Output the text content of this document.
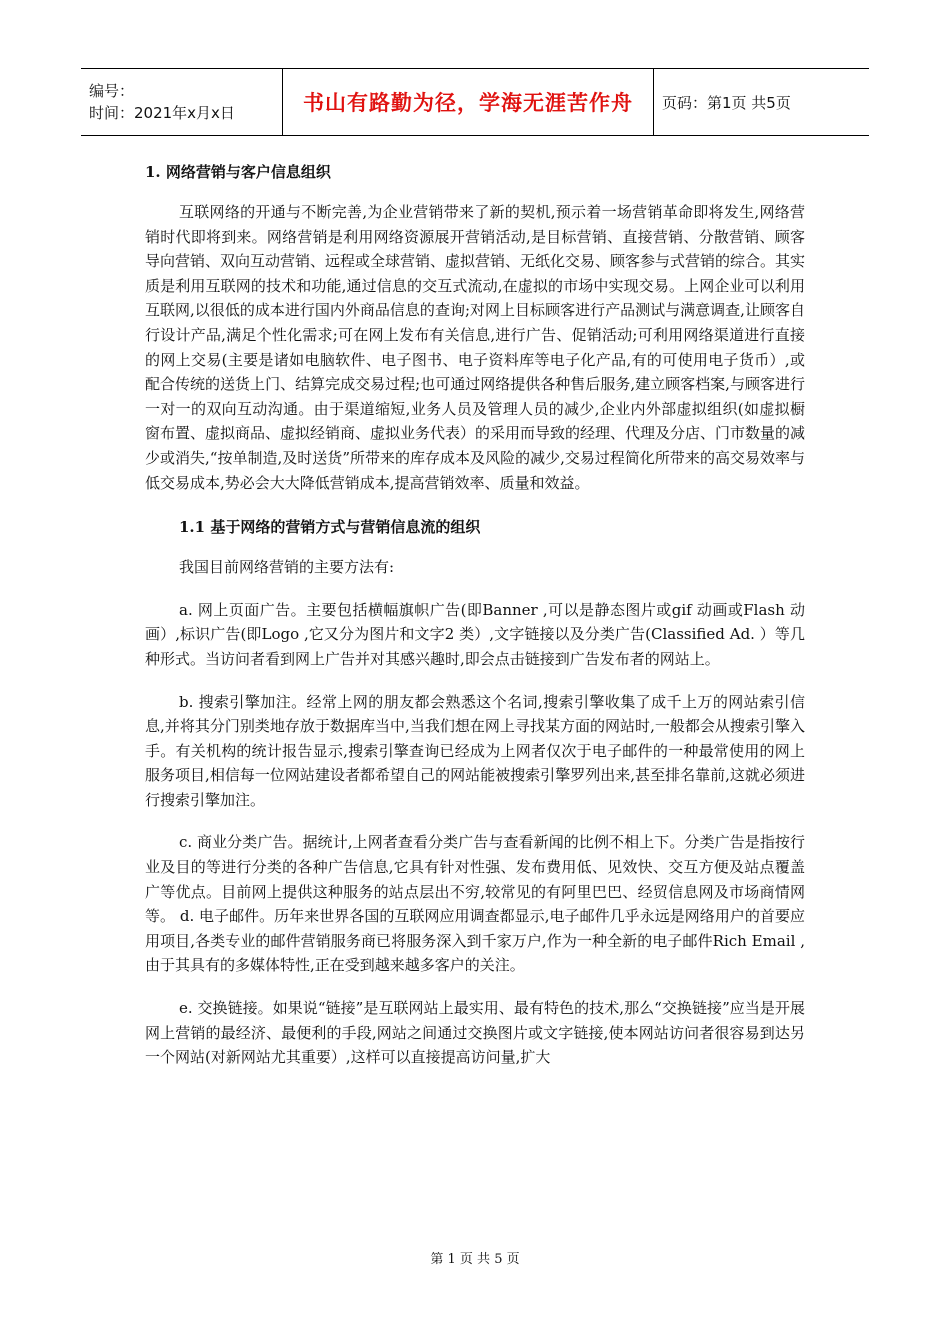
编号：
时间：2021年x月x日	书山有路勤为径，学海无涯苦作舟 页码：第1页 共5页
1. 网络营销与客户信息组织

互联网络的开通与不断完善,为企业营销带来了新的契机,预示着一场营销革命即将发生,网络营销时代即将到来。网络营销是利用网络资源展开营销活动,是目标营销、直接营销、分散营销、顾客导向营销、双向互动营销、远程或全球营销、虚拟营销、无纸化交易、顾客参与式营销的综合。其实质是利用互联网的技术和功能,通过信息的交互式流动,在虚拟的市场中实现交易。上网企业可以利用互联网,以很低的成本进行国内外商品信息的查询;对网上目标顾客进行产品测试与满意调查,让顾客自行设计产品,满足个性化需求;可在网上发布有关信息,进行广告、促销活动;可利用网络渠道进行直接的网上交易(主要是诸如电脑软件、电子图书、电子资料库等电子化产品,有的可使用电子货币）,或配合传统的送货上门、结算完成交易过程;也可通过网络提供各种售后服务,建立顾客档案,与顾客进行一对一的双向互动沟通。由于渠道缩短,业务人员及管理人员的减少,企业内外部虚拟组织(如虚拟橱窗布置、虚拟商品、虚拟经销商、虚拟业务代表）的采用而导致的经理、代理及分店、门市数量的减少或消失,“按单制造,及时送货”所带来的库存成本及风险的减少,交易过程简化所带来的高交易效率与低交易成本,势必会大大降低营销成本,提高营销效率、质量和效益。

1.1 基于网络的营销方式与营销信息流的组织

我国目前网络营销的主要方法有:

a. 网上页面广告。主要包括横幅旗帜广告(即Banner ,可以是静态图片或gif 动画或Flash 动画）,标识广告(即Logo ,它又分为图片和文字2 类）,文字链接以及分类广告(Classified Ad. ）等几种形式。当访问者看到网上广告并对其感兴趣时,即会点击链接到广告发布者的网站上。

b. 搜索引擎加注。经常上网的朋友都会熟悉这个名词,搜索引擎收集了成千上万的网站索引信息,并将其分门别类地存放于数据库当中,当我们想在网上寻找某方面的网站时,一般都会从搜索引擎入手。有关机构的统计报告显示,搜索引擎查询已经成为上网者仅次于电子邮件的一种最常使用的网上服务项目,相信每一位网站建设者都希望自己的网站能被搜索引擎罗列出来,甚至排名靠前,这就必须进行搜索引擎加注。

c. 商业分类广告。据统计,上网者查看分类广告与查看新闻的比例不相上下。分类广告是指按行业及目的等进行分类的各种广告信息,它具有针对性强、发布费用低、见效快、交互方便及站点覆盖广等优点。目前网上提供这种服务的站点层出不穷,较常见的有阿里巴巴、经贸信息网及市场商情网等。 d. 电子邮件。历年来世界各国的互联网应用调查都显示,电子邮件几乎永远是网络用户的首要应用项目,各类专业的邮件营销服务商已将服务深入到千家万户,作为一种全新的电子邮件Rich Email ,由于其具有的多媒体特性,正在受到越来越多客户的关注。

e. 交换链接。如果说“链接”是互联网站上最实用、最有特色的技术,那么“交换链接”应当是开展网上营销的最经济、最便利的手段,网站之间通过交换图片或文字链接,使本网站访问者很容易到达另一个网站(对新网站尤其重要）,这样可以直接提高访问量,扩大

第 1 页 共 5 页
